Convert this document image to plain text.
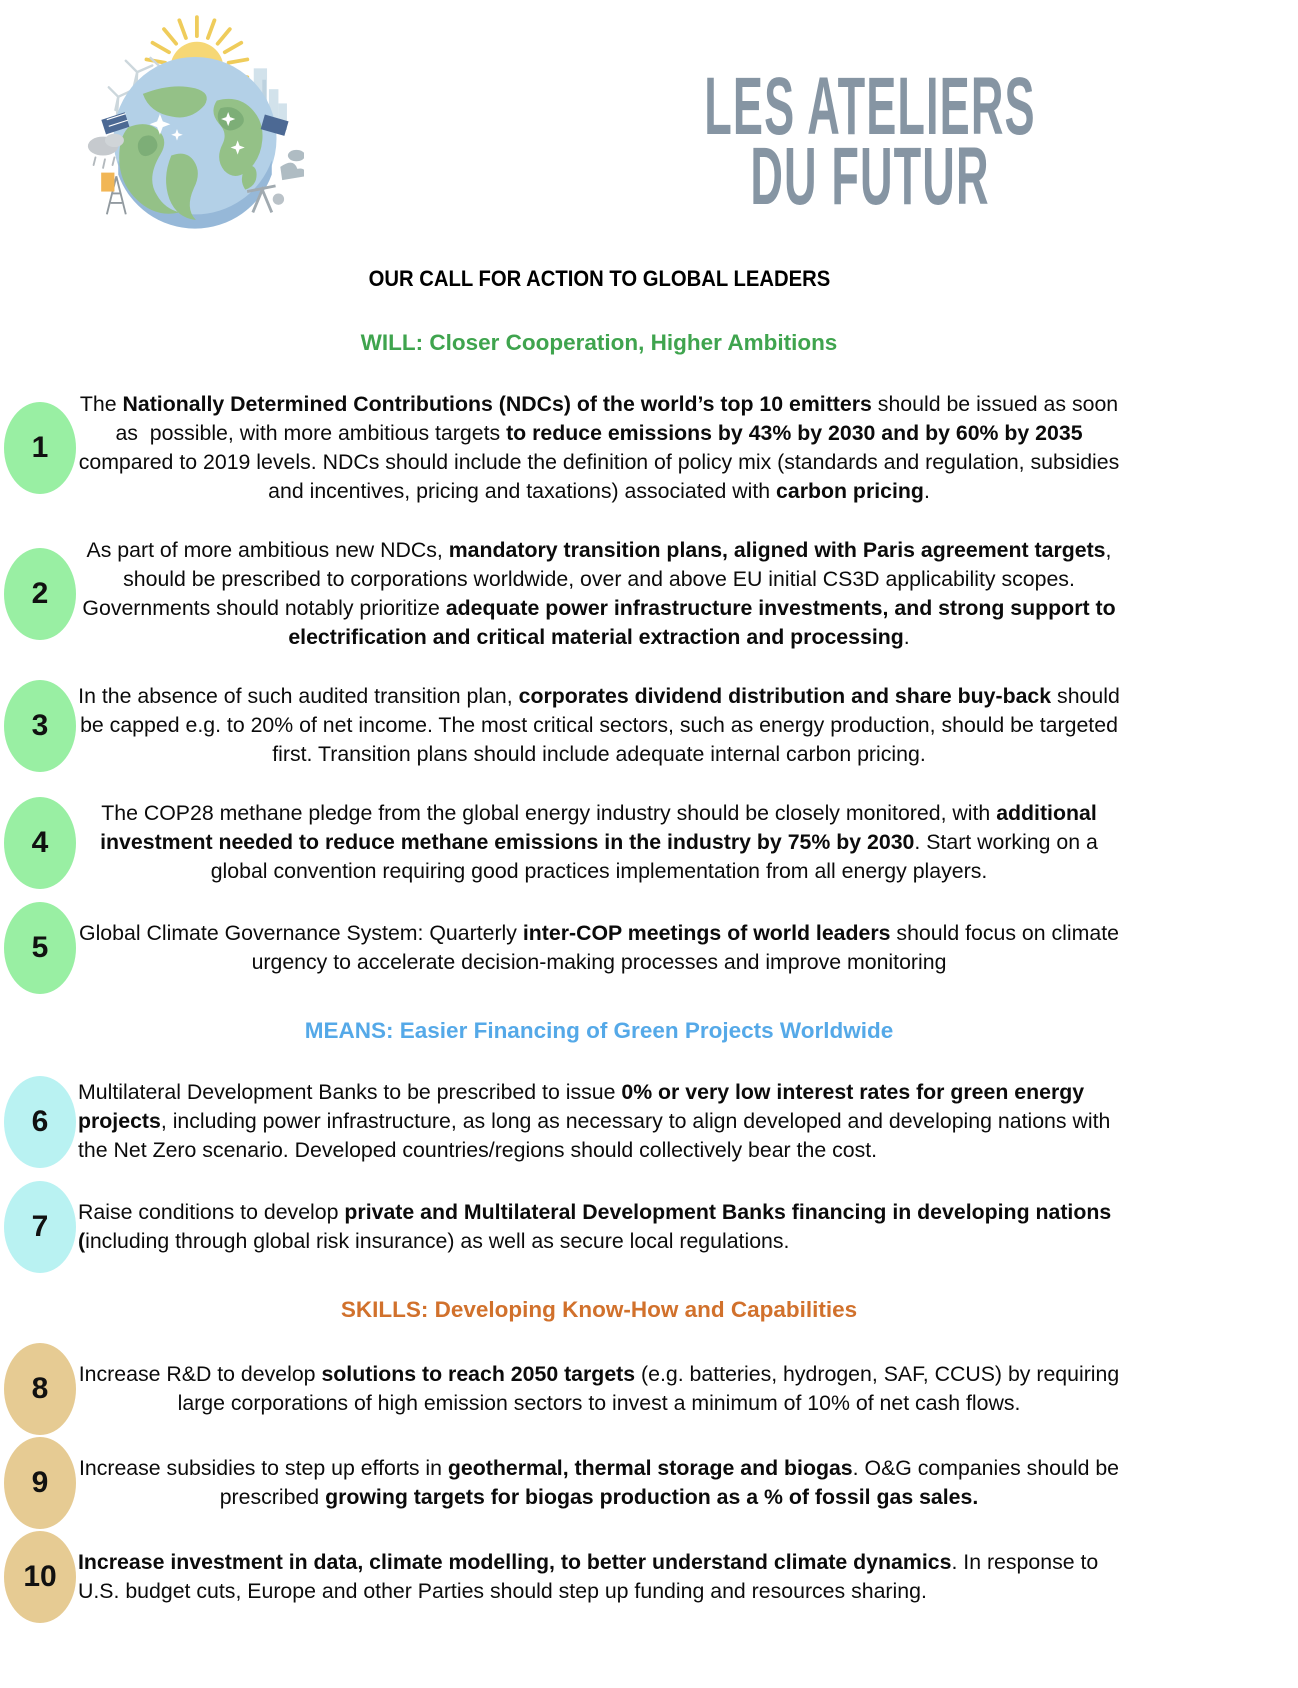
LES ATELIERS
DU FUTUR
OUR CALL FOR ACTION TO GLOBAL LEADERS
WILL: Closer Cooperation, Higher Ambitions
1
The Nationally Determined Contributions (NDCs) of the world’s top 10 emitters should be issued as soon as  possible, with more ambitious targets to reduce emissions by 43% by 2030 and by 60% by 2035 compared to 2019 levels. NDCs should include the definition of policy mix (standards and regulation, subsidies and incentives, pricing and taxations) associated with carbon pricing.
2
As part of more ambitious new NDCs, mandatory transition plans, aligned with Paris agreement targets, should be prescribed to corporations worldwide, over and above EU initial CS3D applicability scopes. Governments should notably prioritize adequate power infrastructure investments, and strong support to electrification and critical material extraction and processing.
3
In the absence of such audited transition plan, corporates dividend distribution and share buy-back should be capped e.g. to 20% of net income. The most critical sectors, such as energy production, should be targeted first. Transition plans should include adequate internal carbon pricing.
4
The COP28 methane pledge from the global energy industry should be closely monitored, with additional investment needed to reduce methane emissions in the industry by 75% by 2030. Start working on a global convention requiring good practices implementation from all energy players.
5	Global Climate Governance System: Quarterly inter-COP meetings of world leaders should focus on climate urgency to accelerate decision-making processes and improve monitoring
MEANS: Easier Financing of Green Projects Worldwide
6
Multilateral Development Banks to be prescribed to issue 0% or very low interest rates for green energy projects, including power infrastructure, as long as necessary to align developed and developing nations with the Net Zero scenario. Developed countries/regions should collectively bear the cost.
7	Raise conditions to develop private and Multilateral Development Banks financing in developing nations (including through global risk insurance) as well as secure local regulations.
SKILLS: Developing Know-How and Capabilities
8	Increase R&D to develop solutions to reach 2050 targets (e.g. batteries, hydrogen, SAF, CCUS) by requiring large corporations of high emission sectors to invest a minimum of 10% of net cash flows.
9	Increase subsidies to step up efforts in geothermal, thermal storage and biogas. O&G companies should be prescribed growing targets for biogas production as a % of fossil gas sales.
10	Increase investment in data, climate modelling, to better understand climate dynamics. In response to U.S. budget cuts, Europe and other Parties should step up funding and resources sharing.
